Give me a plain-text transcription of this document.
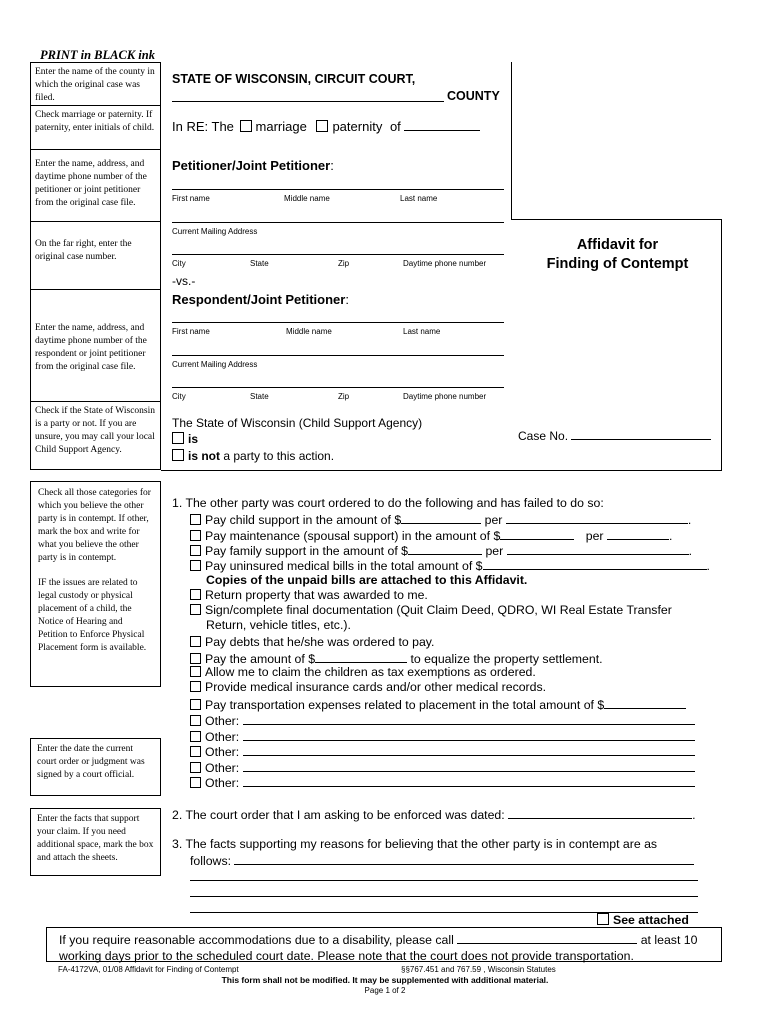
PRINT in BLACK ink
Enter the name of the county in which the original case was filed.
Check marriage or paternity. If paternity, enter initials of child.
Enter the name, address, and daytime phone number of the petitioner or joint petitioner from the original case file.
On the far right, enter the original case number.
Enter the name, address, and daytime phone number of the respondent or joint petitioner from the original case file.
Check if the State of Wisconsin is a party or not. If you are unsure, you may call your local Child Support Agency.
Check all those categories for which you believe the other party is in contempt. If other, mark the box and write for what you believe the other party is in contempt.
IF the issues are related to legal custody or physical placement of a child, the Notice of Hearing and Petition to Enforce Physical Placement form is available.
Enter the date the current court order or judgment was signed by a court official.
Enter the facts that support your claim. If you need additional space, mark the box and attach the sheets.
STATE OF WISCONSIN, CIRCUIT COURT,
COUNTY
In RE: The marriage paternity of
Petitioner/Joint Petitioner:
First name	Middle name	Last name
Current Mailing Address
City	State	Zip	Daytime phone number
-vs.-
Respondent/Joint Petitioner:
First name	Middle name	Last name
Current Mailing Address
City	State	Zip	Daytime phone number
Affidavit for
Finding of Contempt
The State of Wisconsin (Child Support Agency)
is
is not a party to this action.
Case No.
1. The other party was court ordered to do the following and has failed to do so:
Pay child support in the amount of $	per	.
Pay maintenance (spousal support) in the amount of $	per	.
Pay family support in the amount of $	per	.
Pay uninsured medical bills in the total amount of $	.
Copies of the unpaid bills are attached to this Affidavit.
Return property that was awarded to me.
Sign/complete final documentation (Quit Claim Deed, QDRO, WI Real Estate Transfer
Return, vehicle titles, etc.).
Pay debts that he/she was ordered to pay.
Pay the amount of $	to equalize the property settlement.
Allow me to claim the children as tax exemptions as ordered.
Provide medical insurance cards and/or other medical records.
Pay transportation expenses related to placement in the total amount of $
Other:
Other:
Other:
Other:
Other:
2. The court order that I am asking to be enforced was dated:	.
3. The facts supporting my reasons for believing that the other party is in contempt are as
follows:
See attached
If you require reasonable accommodations due to a disability, please call	at least 10
working days prior to the scheduled court date. Please note that the court does not provide transportation.
FA-4172VA, 01/08 Affidavit for Finding of Contempt	§§767.451 and 767.59 , Wisconsin Statutes
This form shall not be modified. It may be supplemented with additional material.
Page 1 of 2
